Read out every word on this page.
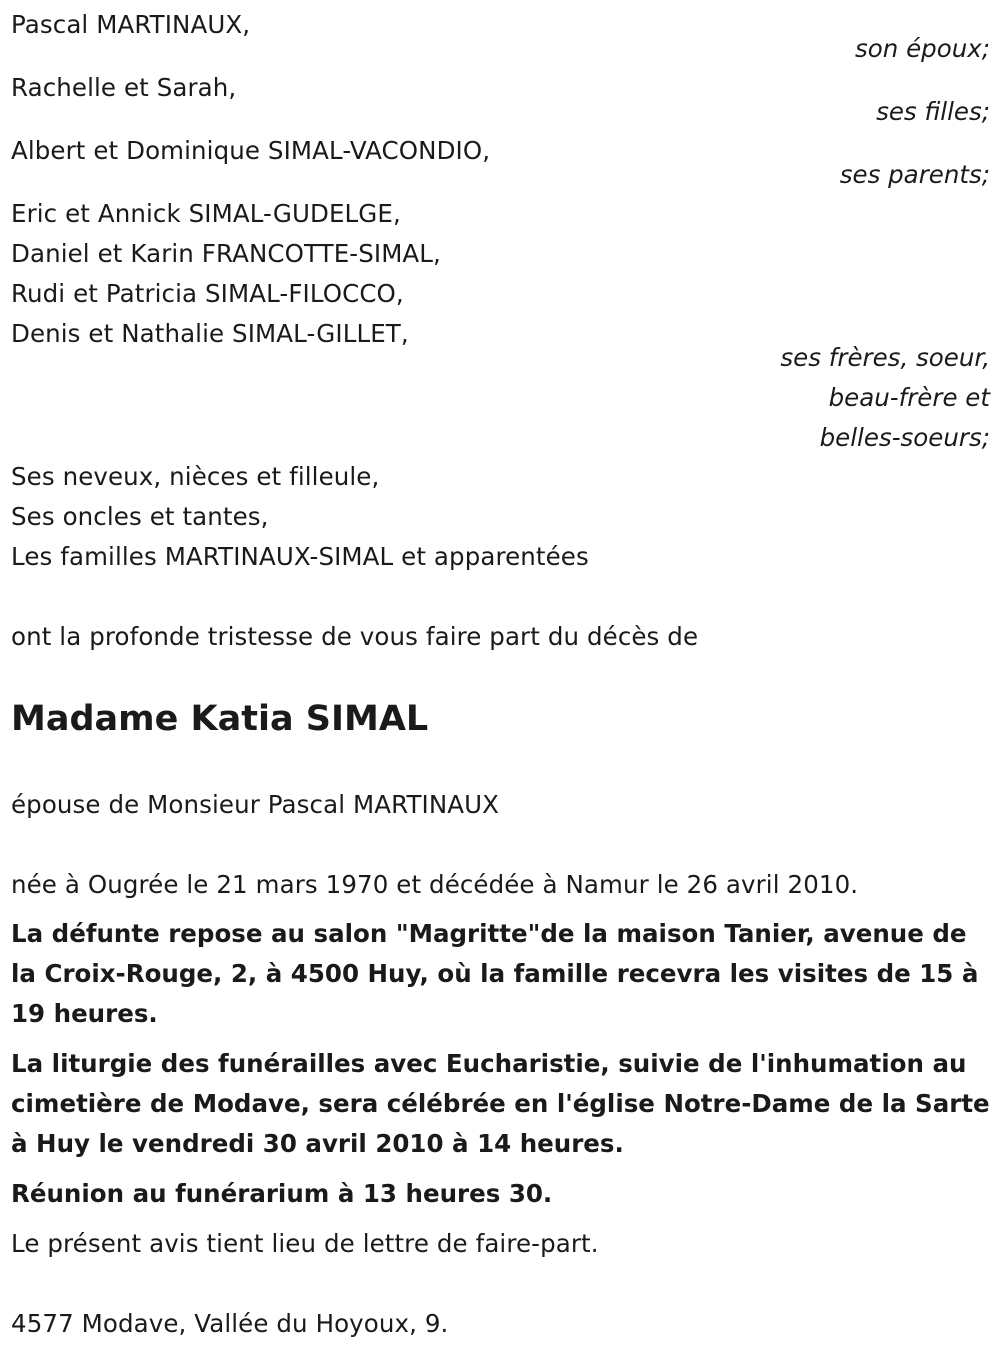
Pascal MARTINAUX,
son époux;
Rachelle et Sarah,
ses filles;
Albert et Dominique SIMAL-VACONDIO,
ses parents;
Eric et Annick SIMAL-GUDELGE,
Daniel et Karin FRANCOTTE-SIMAL,
Rudi et Patricia SIMAL-FILOCCO,
Denis et Nathalie SIMAL-GILLET,
ses frères, soeur,
beau-frère et
belles-soeurs;
Ses neveux, nièces et filleule,
Ses oncles et tantes,
Les familles MARTINAUX-SIMAL et apparentées
ont la profonde tristesse de vous faire part du décès de
Madame Katia SIMAL
épouse de Monsieur Pascal MARTINAUX
née à Ougrée le 21 mars 1970 et décédée à Namur le 26 avril 2010.
La défunte repose au salon "Magritte"de la maison Tanier, avenue de la Croix-Rouge, 2, à 4500 Huy, où la famille recevra les visites de 15 à 19 heures.
La liturgie des funérailles avec Eucharistie, suivie de l'inhumation au cimetière de Modave, sera célébrée en l'église Notre-Dame de la Sarte à Huy le vendredi 30 avril 2010 à 14 heures.
Réunion au funérarium à 13 heures 30.
Le présent avis tient lieu de lettre de faire-part.
4577 Modave, Vallée du Hoyoux, 9.
